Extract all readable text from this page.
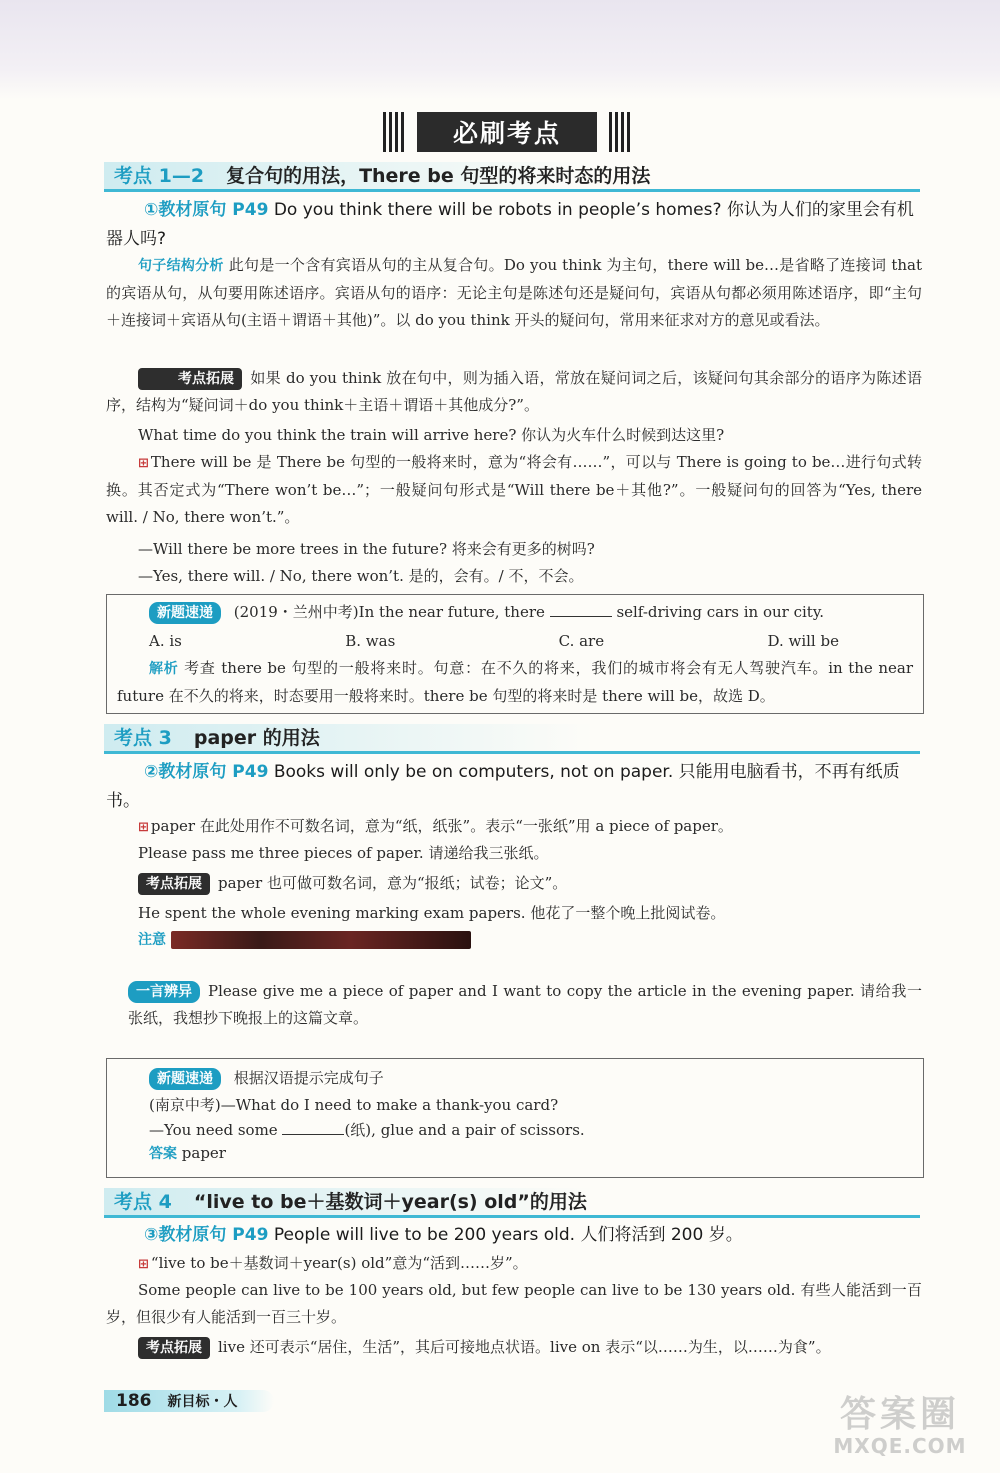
必刷考点
考点 1—2 复合句的用法，There be 句型的将来时态的用法
①教材原句 P49 Do you think there will be robots in people’s homes? 你认为人们的家里会有机器人吗?
句子结构分析 此句是一个含有宾语从句的主从复合句。Do you think 为主句，there will be…是省略了连接词 that 的宾语从句，从句要用陈述语序。宾语从句的语序：无论主句是陈述句还是疑问句，宾语从句都必须用陈述语序，即“主句＋连接词＋宾语从句(主语＋谓语＋其他)”。以 do you think 开头的疑问句，常用来征求对方的意见或看法。
考点拓展 如果 do you think 放在句中，则为插入语，常放在疑问词之后，该疑问句其余部分的语序为陈述语序，结构为“疑问词＋do you think＋主语＋谓语＋其他成分?”。
What time do you think the train will arrive here? 你认为火车什么时候到达这里?
⊞ There will be 是 There be 句型的一般将来时，意为“将会有……”，可以与 There is going to be…进行句式转换。其否定式为“There won’t be…”；一般疑问句形式是“Will there be＋其他?”。一般疑问句的回答为“Yes, there will. / No, there won’t.”。
—Will there be more trees in the future? 将来会有更多的树吗?
—Yes, there will. / No, there won’t. 是的，会有。/ 不，不会。
新题速递 (2019・兰州中考)In the near future, there	self-driving cars in our city.
A. is	B. was	C. are	D. will be
解析 考查 there be 句型的一般将来时。句意：在不久的将来，我们的城市将会有无人驾驶汽车。in the near future 在不久的将来，时态要用一般将来时。there be 句型的将来时是 there will be，故选 D。
考点 3 paper 的用法
②教材原句 P49 Books will only be on computers, not on paper. 只能用电脑看书，不再有纸质书。
⊞ paper 在此处用作不可数名词，意为“纸，纸张”。表示“一张纸”用 a piece of paper。
Please pass me three pieces of paper. 请递给我三张纸。
考点拓展 paper 也可做可数名词，意为“报纸；试卷；论文”。
He spent the whole evening marking exam papers. 他花了一整个晚上批阅试卷。
注意
一言辨异 Please give me a piece of paper and I want to copy the article in the evening paper. 请给我一张纸，我想抄下晚报上的这篇文章。
新题速递 根据汉语提示完成句子
(南京中考)—What do I need to make a thank-you card?
—You need some	(纸), glue and a pair of scissors.
答案 paper
考点 4 “live to be＋基数词＋year(s) old”的用法
③教材原句 P49 People will live to be 200 years old. 人们将活到 200 岁。
⊞ “live to be＋基数词＋year(s) old”意为“活到……岁”。
Some people can live to be 100 years old, but few people can live to be 130 years old. 有些人能活到一百岁，但很少有人能活到一百三十岁。
考点拓展 live 还可表示“居住，生活”，其后可接地点状语。live on 表示“以……为生，以……为食”。
186 新目标・人	答案圈
MXQE.COM
